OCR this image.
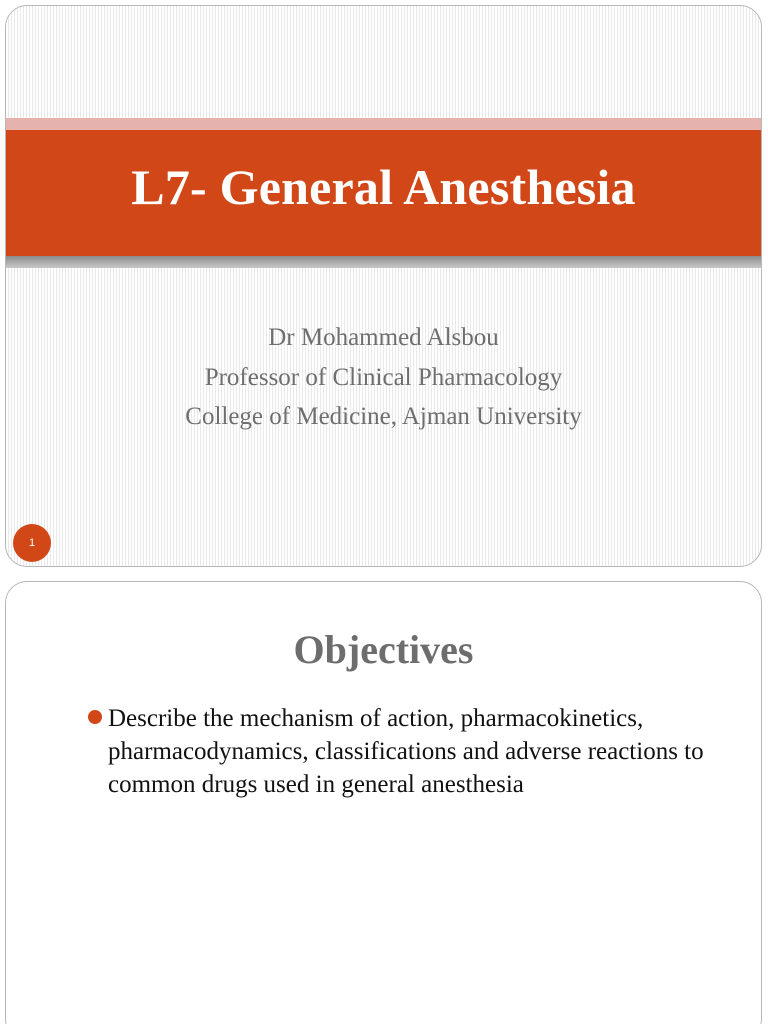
L7- General Anesthesia
Dr Mohammed Alsbou
Professor of Clinical Pharmacology
College of Medicine, Ajman University
1
Objectives
Describe the mechanism of action, pharmacokinetics, pharmacodynamics, classifications and adverse reactions to common drugs used in general anesthesia
